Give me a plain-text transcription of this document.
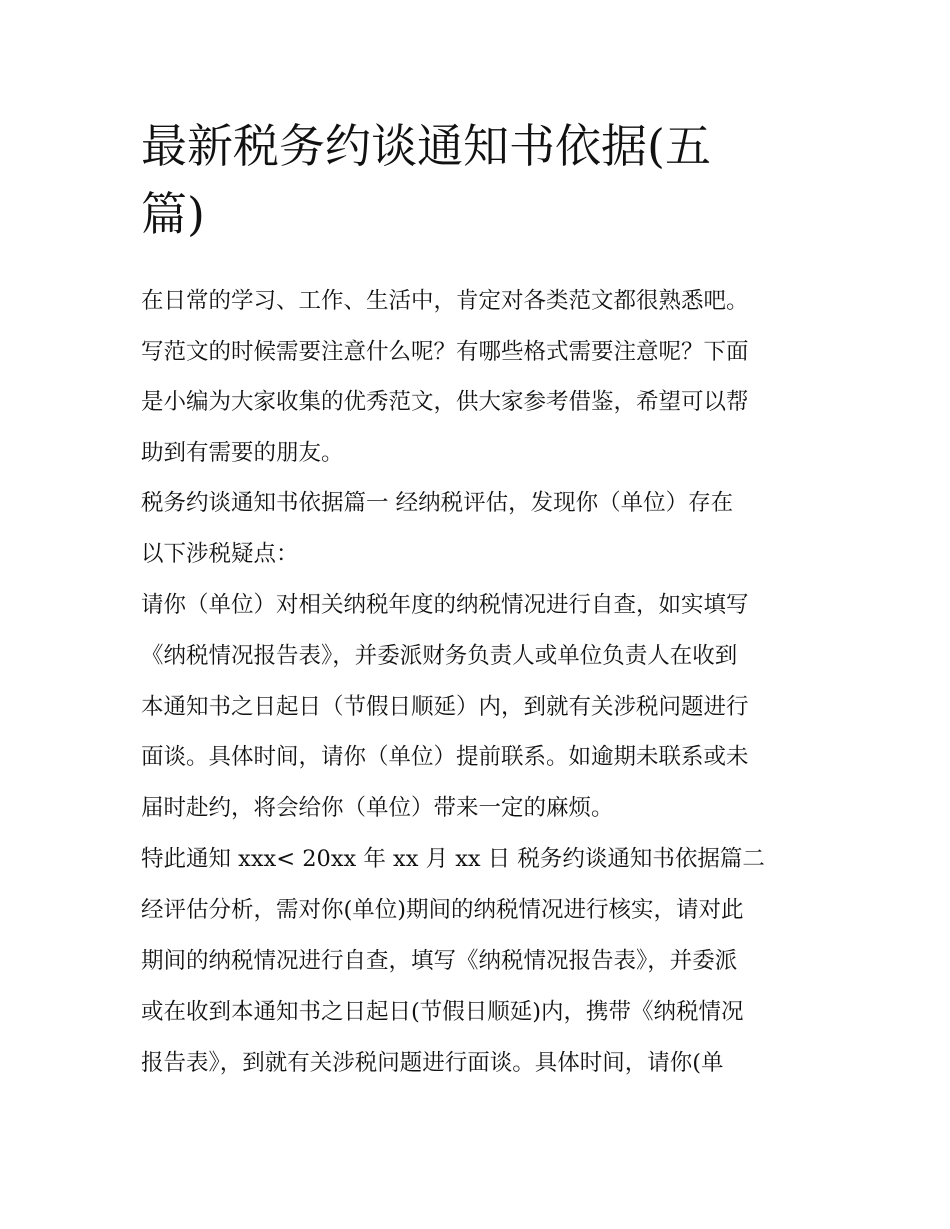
最新税务约谈通知书依据(五
篇)

在日常的学习、工作、生活中，肯定对各类范文都很熟悉吧。

写范文的时候需要注意什么呢？有哪些格式需要注意呢？下面

是小编为大家收集的优秀范文，供大家参考借鉴，希望可以帮

助到有需要的朋友。

税务约谈通知书依据篇一 经纳税评估，发现你（单位）存在

以下涉税疑点：

请你（单位）对相关纳税年度的纳税情况进行自查，如实填写

《纳税情况报告表》，并委派财务负责人或单位负责人在收到

本通知书之日起日（节假日顺延）内，到就有关涉税问题进行

面谈。具体时间，请你（单位）提前联系。如逾期未联系或未

届时赴约，将会给你（单位）带来一定的麻烦。

特此通知 xxx< 20xx 年 xx 月 xx 日 税务约谈通知书依据篇二

经评估分析，需对你(单位)期间的纳税情况进行核实，请对此

期间的纳税情况进行自查，填写《纳税情况报告表》，并委派

或在收到本通知书之日起日(节假日顺延)内，携带《纳税情况

报告表》，到就有关涉税问题进行面谈。具体时间，请你(单
